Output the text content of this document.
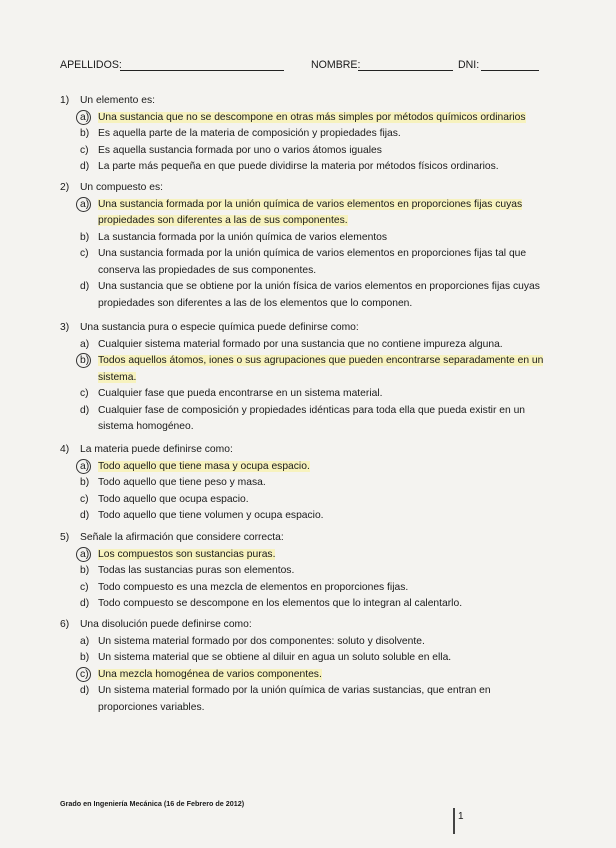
APELLIDOS:	NOMBRE:	DNI:
1) Un elemento es:
a) Una sustancia que no se descompone en otras más simples por métodos químicos ordinarios
b) Es aquella parte de la materia de composición y propiedades fijas.
c) Es aquella sustancia formada por uno o varios átomos iguales
d) La parte más pequeña en que puede dividirse la materia por métodos físicos ordinarios.
2) Un compuesto es:
a) Una sustancia formada por la unión química de varios elementos en proporciones fijas cuyas propiedades son diferentes a las de sus componentes.
b) La sustancia formada por la unión química de varios elementos
c) Una sustancia formada por la unión química de varios elementos en proporciones fijas tal que conserva las propiedades de sus componentes.
d) Una sustancia que se obtiene por la unión física de varios elementos en proporciones fijas cuyas propiedades son diferentes a las de los elementos que lo componen.
3) Una sustancia pura o especie química puede definirse como:
a) Cualquier sistema material formado por una sustancia que no contiene impureza alguna.
b) Todos aquellos átomos, iones o sus agrupaciones que pueden encontrarse separadamente en un sistema.
c) Cualquier fase que pueda encontrarse en un sistema material.
d) Cualquier fase de composición y propiedades idénticas para toda ella que pueda existir en un sistema homogéneo.
4) La materia puede definirse como:
a) Todo aquello que tiene masa y ocupa espacio.
b) Todo aquello que tiene peso y masa.
c) Todo aquello que ocupa espacio.
d) Todo aquello que tiene volumen y ocupa espacio.
5) Señale la afirmación que considere correcta:
a) Los compuestos son sustancias puras.
b) Todas las sustancias puras son elementos.
c) Todo compuesto es una mezcla de elementos en proporciones fijas.
d) Todo compuesto se descompone en los elementos que lo integran al calentarlo.
6) Una disolución puede definirse como:
a) Un sistema material formado por dos componentes: soluto y disolvente.
b) Un sistema material que se obtiene al diluir en agua un soluto soluble en ella.
c) Una mezcla homogénea de varios componentes.
d) Un sistema material formado por la unión química de varias sustancias, que entran en proporciones variables.
Grado en Ingeniería Mecánica (16 de Febrero de 2012)
1
